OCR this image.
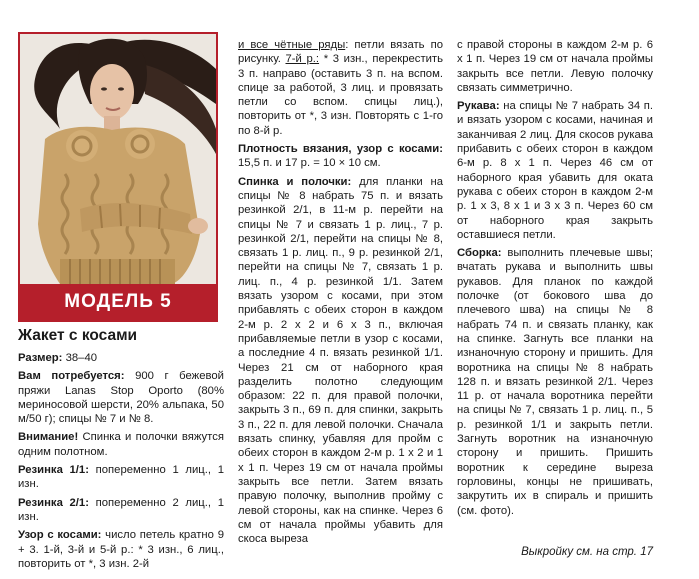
МОДЕЛЬ 5
Жакет с косами

Размер: 38–40

Вам потребуется: 900 г бежевой пряжи Lanas Stop Oporto (80% мериносовой шерсти, 20% альпака, 50 м/50 г); спицы № 7 и № 8.

Внимание! Спинка и полочки вяжутся одним полотном.

Резинка 1/1: попеременно 1 лиц., 1 изн.

Резинка 2/1: попеременно 2 лиц., 1 изн.

Узор с косами: число петель кратно 9 + 3. 1-й, 3-й и 5-й р.: * 3 изн., 6 лиц., повторить от *, 3 изн. 2-й

и все чётные ряды: петли вязать по рисунку. 7-й р.: * 3 изн., перекрестить 3 п. направо (оставить 3 п. на вспом. спице за работой, 3 лиц. и провязать петли со вспом. спицы лиц.), повторить от *, 3 изн. Повторять с 1-го по 8-й р.

Плотность вязания, узор с косами: 15,5 п. и 17 р. = 10 × 10 см.

Спинка и полочки: для планки на спицы № 8 набрать 75 п. и вязать резинкой 2/1, в 11-м р. перейти на спицы № 7 и связать 1 р. лиц., 7 р. резинкой 2/1, перейти на спицы № 8, связать 1 р. лиц. п., 9 р. резинкой 2/1, перейти на спицы № 7, связать 1 р. лиц. п., 4 р. резинкой 1/1. Затем вязать узором с косами, при этом прибавлять с обеих сторон в каждом 2-м р. 2 х 2 и 6 х 3 п., включая прибавляемые петли в узор с косами, а последние 4 п. вязать резинкой 1/1. Через 21 см от наборного края разделить полотно следующим образом: 22 п. для правой полочки, закрыть 3 п., 69 п. для спинки, закрыть 3 п., 22 п. для левой полочки. Сначала вязать спинку, убавляя для пройм с обеих сторон в каждом 2-м р. 1 х 2 и 1 х 1 п. Через 19 см от начала проймы закрыть все петли. Затем вязать правую полочку, выполнив пройму с левой стороны, как на спинке. Через 6 см от начала проймы убавить для скоса выреза

с правой стороны в каждом 2-м р. 6 х 1 п. Через 19 см от начала проймы закрыть все петли. Левую полочку связать симметрично.

Рукава: на спицы № 7 набрать 34 п. и вязать узором с косами, начиная и заканчивая 2 лиц. Для скосов рукава прибавить с обеих сторон в каждом 6-м р. 8 х 1 п. Через 46 см от наборного края убавить для оката рукава с обеих сторон в каждом 2-м р. 1 х 3, 8 х 1 и 3 х 3 п. Через 60 см от наборного края закрыть оставшиеся петли.

Сборка: выполнить плечевые швы; вчатать рукава и выполнить швы рукавов. Для планок по каждой полочке (от бокового шва до плечевого шва) на спицы № 8 набрать 74 п. и связать планку, как на спинке. Загнуть все планки на изнаночную сторону и пришить. Для воротника на спицы № 8 набрать 128 п. и вязать резинкой 2/1. Через 11 р. от начала воротника перейти на спицы № 7, связать 1 р. лиц. п., 5 р. резинкой 1/1 и закрыть петли. Загнуть воротник на изнаночную сторону и пришить. Пришить воротник к середине выреза горловины, концы не пришивать, закрутить их в спираль и пришить (см. фото).

Выкройку см. на стр. 17
